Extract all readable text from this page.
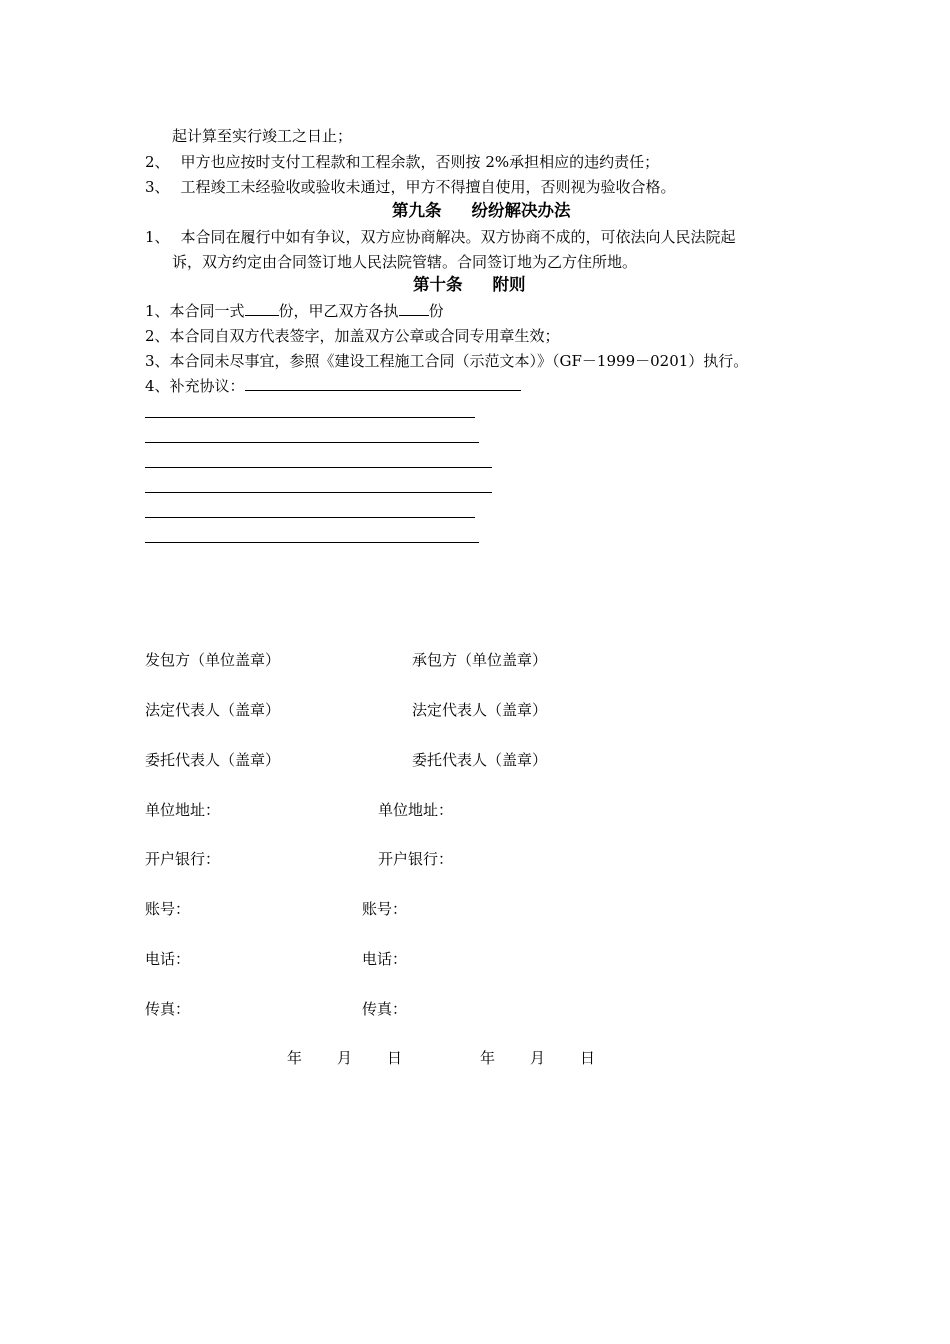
起计算至实行竣工之日止；
2、 甲方也应按时支付工程款和工程余款，否则按 2%承担相应的违约责任；
3、 工程竣工未经验收或验收未通过，甲方不得擅自使用，否则视为验收合格。
第九条 纷纷解决办法
1、 本合同在履行中如有争议，双方应协商解决。双方协商不成的，可依法向人民法院起
诉，双方约定由合同签订地人民法院管辖。合同签订地为乙方住所地。
第十条 附则
1、本合同一式 份，甲乙双方各执 份
2、本合同自双方代表签字，加盖双方公章或合同专用章生效；
3、本合同未尽事宜，参照《建设工程施工合同（示范文本）》（GF－1999－0201）执行。
4、补充协议：
发包方（单位盖章）	承包方（单位盖章）
法定代表人（盖章）	法定代表人（盖章）
委托代表人（盖章）	委托代表人（盖章）
单位地址：	单位地址：
开户银行：	开户银行：
账号：	账号：
电话：	电话：
传真：	传真：
年 月 日	年 月 日
